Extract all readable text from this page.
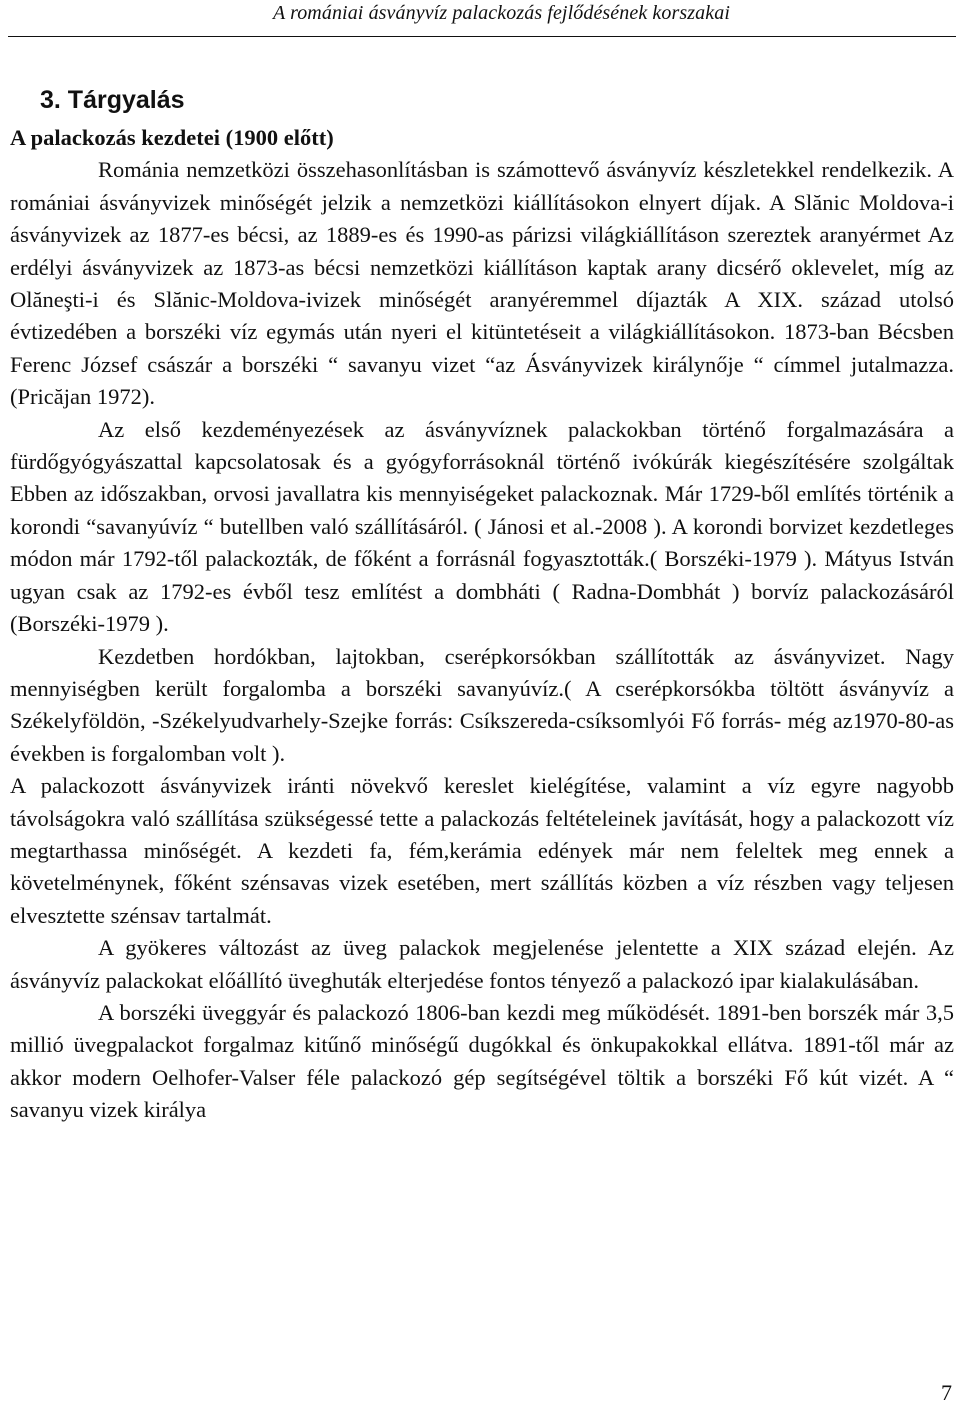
A romániai ásványvíz palackozás fejlődésének korszakai
3. Tárgyalás
A palackozás kezdetei (1900 előtt)

Románia nemzetközi összehasonlításban is számottevő ásványvíz készletekkel rendelkezik. A romániai ásványvizek minőségét jelzik a nemzetközi kiállításokon elnyert díjak. A Slănic Moldova-i ásványvizek az 1877-es bécsi, az 1889-es és 1990-as párizsi világkiállításon szereztek aranyérmet Az erdélyi ásványvizek az 1873-as bécsi nemzetközi kiállításon kaptak arany dicsérő oklevelet, míg az Olăneşti-i és Slănic-Moldova-ivizek minőségét aranyéremmel díjazták A XIX. század utolsó évtizedében a borszéki víz egymás után nyeri el kitüntetéseit a világkiállításokon. 1873-ban Bécsben Ferenc József császár a borszéki “ savanyu vizet “az Ásványvizek királynője “ címmel jutalmazza. (Pricăjan 1972).

Az első kezdeményezések az ásványvíznek palackokban történő forgalmazására a fürdőgyógyászattal kapcsolatosak és a gyógyforrásoknál történő ivókúrák kiegészítésére szolgáltak Ebben az időszakban, orvosi javallatra kis mennyiségeket palackoznak. Már 1729-ből említés történik a korondi “savanyúvíz “ butellben való szállításáról. ( Jánosi et al.-2008 ). A korondi borvizet kezdetleges módon már 1792-től palackozták, de főként a forrásnál fogyasztották.( Borszéki-1979 ). Mátyus István ugyan csak az 1792-es évből tesz említést a dombháti ( Radna-Dombhát ) borvíz palackozásáról (Borszéki-1979 ).

Kezdetben hordókban, lajtokban, cserépkorsókban szállították az ásványvizet. Nagy mennyiségben került forgalomba a borszéki savanyúvíz.( A cserépkorsókba töltött ásványvíz a Székelyföldön, -Székelyudvarhely-Szejke forrás: Csíkszereda-csíksomlyói Fő forrás- még az1970-80-as években is forgalomban volt ).

A palackozott ásványvizek iránti növekvő kereslet kielégítése, valamint a víz egyre nagyobb távolságokra való szállítása szükségessé tette a palackozás feltételeinek javítását, hogy a palackozott víz megtarthassa minőségét. A kezdeti fa, fém,kerámia edények már nem feleltek meg ennek a követelménynek, főként szénsavas vizek esetében, mert szállítás közben a víz részben vagy teljesen elvesztette szénsav tartalmát.

A gyökeres változást az üveg palackok megjelenése jelentette a XIX század elején. Az ásványvíz palackokat előállító üveghuták elterjedése fontos tényező a palackozó ipar kialakulásában.

A borszéki üveggyár és palackozó 1806-ban kezdi meg működését. 1891-ben borszék már 3,5 millió üvegpalackot forgalmaz kitűnő minőségű dugókkal és önkupakokkal ellátva. 1891-től már az akkor modern Oelhofer-Valser féle palackozó gép segítségével töltik a borszéki Fő kút vizét. A “ savanyu vizek királya

7
